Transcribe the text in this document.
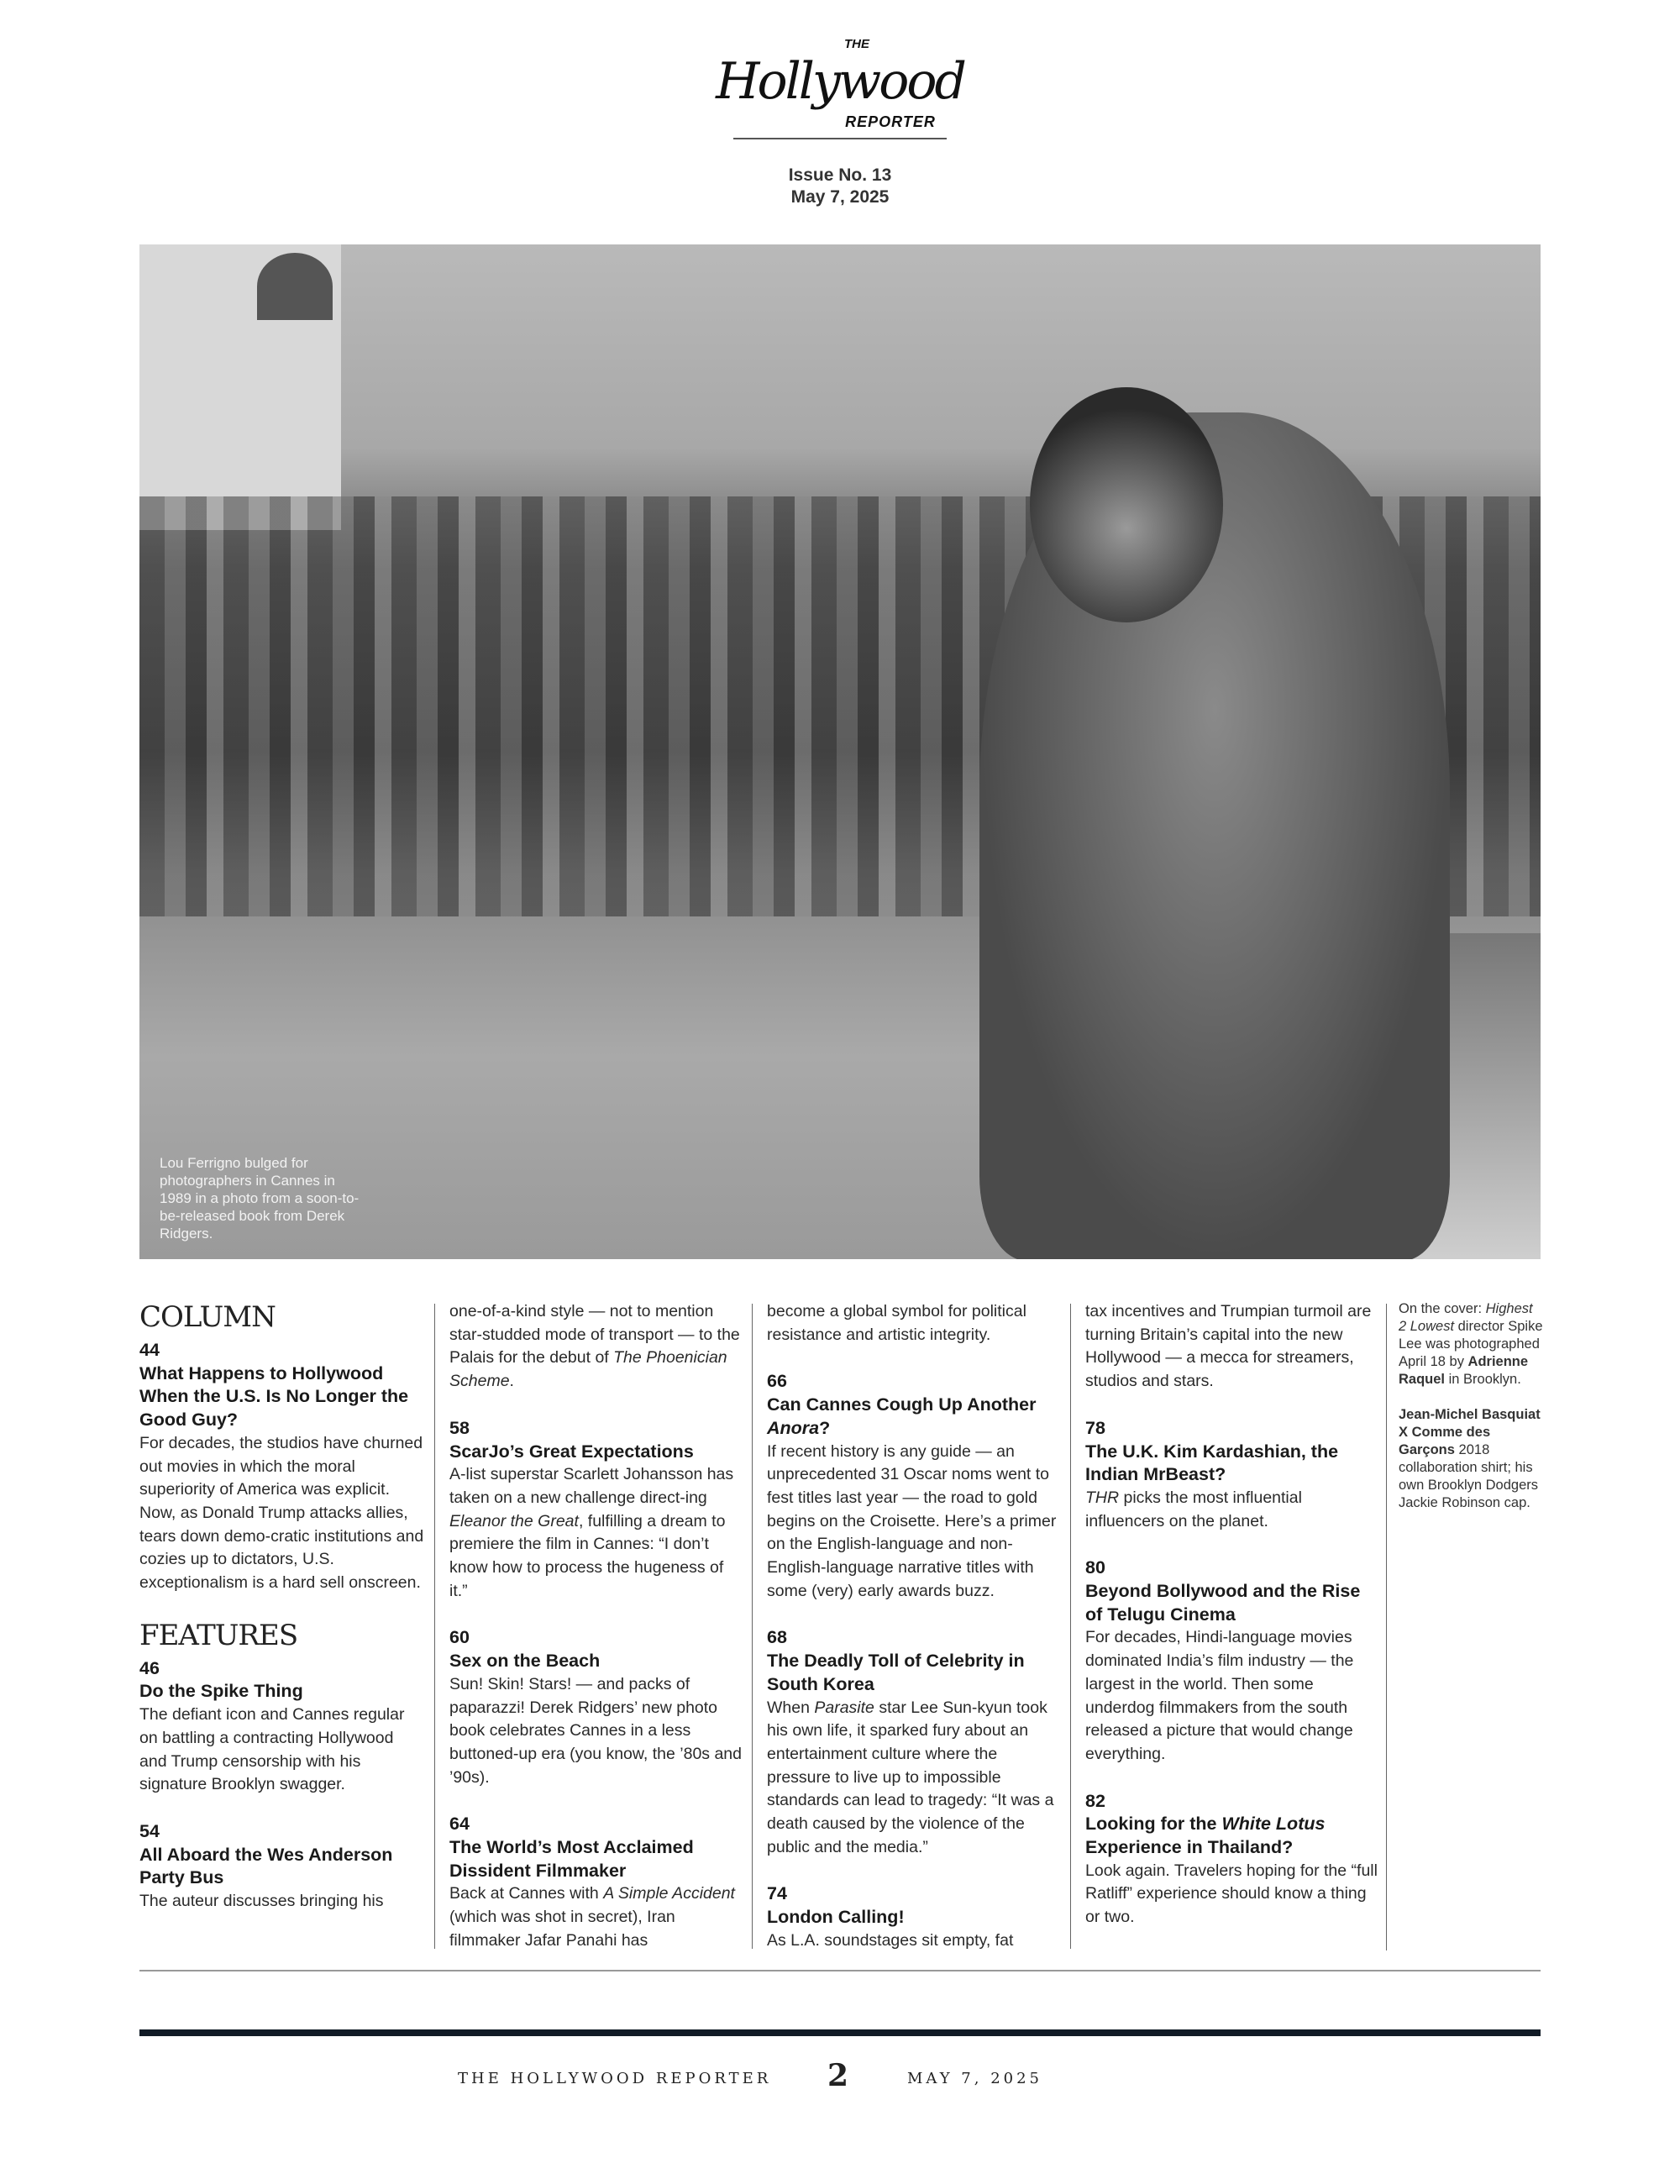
THE
Hollywood
REPORTER
Issue No. 13
May 7, 2025
Lou Ferrigno bulged for photographers in Cannes in 1989 in a photo from a soon-to-be-released book from Derek Ridgers.
COLUMN
44
What Happens to Hollywood When the U.S. Is No Longer the Good Guy?
For decades, the studios have churned out movies in which the moral superiority of America was explicit. Now, as Donald Trump attacks allies, tears down demo-cratic institutions and cozies up to dictators, U.S. exceptionalism is a hard sell onscreen.
FEATURES
46
Do the Spike Thing
The defiant icon and Cannes regular on battling a contracting Hollywood and Trump censorship with his signature Brooklyn swagger.
54
All Aboard the Wes Anderson Party Bus
The auteur discusses bringing his
one-of-a-kind style — not to mention star-studded mode of transport — to the Palais for the debut of The Phoenician Scheme.
58
ScarJo’s Great Expectations
A-list superstar Scarlett Johansson has taken on a new challenge direct-ing Eleanor the Great, fulfilling a dream to premiere the film in Cannes: “I don’t know how to process the hugeness of it.”
60
Sex on the Beach
Sun! Skin! Stars! — and packs of paparazzi! Derek Ridgers’ new photo book celebrates Cannes in a less buttoned-up era (you know, the ’80s and ’90s).
64
The World’s Most Acclaimed Dissident Filmmaker
Back at Cannes with A Simple Accident (which was shot in secret), Iran filmmaker Jafar Panahi has
become a global symbol for political resistance and artistic integrity.
66
Can Cannes Cough Up Another Anora?
If recent history is any guide — an unprecedented 31 Oscar noms went to fest titles last year — the road to gold begins on the Croisette. Here’s a primer on the English-language and non-English-language narrative titles with some (very) early awards buzz.
68
The Deadly Toll of Celebrity in South Korea
When Parasite star Lee Sun-kyun took his own life, it sparked fury about an entertainment culture where the pressure to live up to impossible standards can lead to tragedy: “It was a death caused by the violence of the public and the media.”
74
London Calling!
As L.A. soundstages sit empty, fat
tax incentives and Trumpian turmoil are turning Britain’s capital into the new Hollywood — a mecca for streamers, studios and stars.
78
The U.K. Kim Kardashian, the Indian MrBeast?
THR picks the most influential influencers on the planet.
80
Beyond Bollywood and the Rise of Telugu Cinema
For decades, Hindi-language movies dominated India’s film industry — the largest in the world. Then some underdog filmmakers from the south released a picture that would change everything.
82
Looking for the White Lotus Experience in Thailand?
Look again. Travelers hoping for the “full Ratliff” experience should know a thing or two.

On the cover: Highest 2 Lowest director Spike Lee was photographed April 18 by Adrienne Raquel in Brooklyn.

Jean-Michel Basquiat X Comme des Garçons 2018 collaboration shirt; his own Brooklyn Dodgers Jackie Robinson cap.

THE HOLLYWOOD REPORTER 2	MAY 7, 2025
